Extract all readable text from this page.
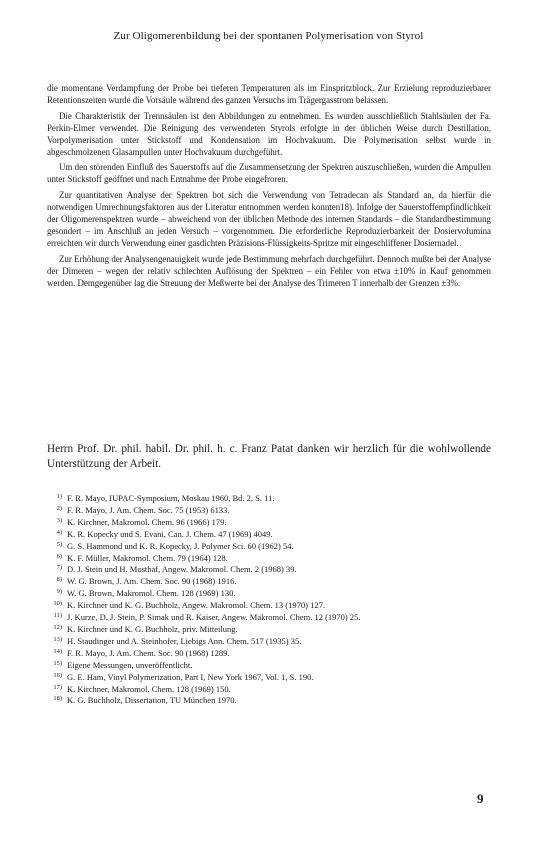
Zur Oligomerenbildung bei der spontanen Polymerisation von Styrol

die momentane Verdampfung der Probe bei tieferen Temperaturen als im Einspritzblock. Zur Erzielung reproduzierbarer Retentionszeiten wurde die Vorsäule während des ganzen Versuchs im Trägergasstrom belassen.

Die Charakteristik der Trennsäulen ist den Abbildungen zu entnehmen. Es wurden ausschließlich Stahlsäulen der Fa. Perkin-Elmer verwendet. Die Reinigung des verwendeten Styrols erfolgte in der üblichen Weise durch Destillation, Vorpolymerisation unter Stickstoff und Kondensation im Hochvakuum. Die Polymerisation selbst wurde in abgeschmolzenen Glasampullen unter Hochvakuum durchgeführt.

Um den störenden Einfluß des Sauerstoffs auf die Zusammensetzung der Spektren auszuschließen, wurden die Ampullen unter Stickstoff geöffnet und nach Entnahme der Probe eingefroren.

Zur quantitativen Analyse der Spektren bot sich die Verwendung von Tetradecan als Standard an, da hierfür die notwendigen Umrechnungsfaktoren aus der Literatur entnommen werden konnten18). Infolge der Sauerstoffempfindlichkeit der Oligomerenspektren wurde – abweichend von der üblichen Methode des internen Standards – die Standardbestimmung gesondert – im Anschluß an jeden Versuch – vorgenommen. Die erforderliche Reproduzierbarkeit der Dosiervolumina erreichten wir durch Verwendung einer gasdichten Präzisions-Flüssigkeits-Spritze mit eingeschliffener Dosiernadel.

Zur Erhöhung der Analysengenauigkeit wurde jede Bestimmung mehrfach durchgeführt. Dennoch mußte bei der Analyse der Dimeren – wegen der relativ schlechten Auflösung der Spektren – ein Fehler von etwa ±10% in Kauf genommen werden. Demgegenüber lag die Streuung der Meßwerte bei der Analyse des Trimeren T innerhalb der Grenzen ±3%.

Herrn Prof. Dr. phil. habil. Dr. phil. h. c. Franz Patat danken wir herzlich für die wohlwollende Unterstützung der Arbeit.
1) F. R. Mayo, IUPAC-Symposium, Moskau 1960, Bd. 2, S. 11.
2) F. R. Mayo, J. Am. Chem. Soc. 75 (1953) 6133.
3) K. Kirchner, Makromol. Chem. 96 (1966) 179.
4) K. R. Kopecky und S. Evani, Can. J. Chem. 47 (1969) 4049.
5) G. S. Hammond und K. R. Kopecky, J. Polymer Sci. 60 (1962) 54.
6) K. F. Müller, Makromol. Chem. 79 (1964) 128.
7) D. J. Stein und H. Mosthaf, Angew. Makromol. Chem. 2 (1968) 39.
8) W. G. Brown, J. Am. Chem. Soc. 90 (1968) 1916.
9) W. G. Brown, Makromol. Chem. 128 (1969) 130.
10) K. Kirchner und K. G. Buchholz, Angew. Makromol. Chem. 13 (1970) 127.
11) J. Kurze, D. J. Stein, P. Simak und R. Kaiser, Angew. Makromol. Chem. 12 (1970) 25.
12) K. Kirchner und K. G. Buchholz, priv. Mitteilung.
13) H. Staudinger und A. Steinhofer, Liebigs Ann. Chem. 517 (1935) 35.
14) F. R. Mayo, J. Am. Chem. Soc. 90 (1968) 1289.
15) Eigene Messungen, unveröffentlicht.
16) G. E. Ham, Vinyl Polymerization, Part I, New York 1967, Vol. 1, S. 190.
17) K. Kirchner, Makromol. Chem. 128 (1969) 150.
18) K. G. Buchholz, Dissertation, TU München 1970.
9
